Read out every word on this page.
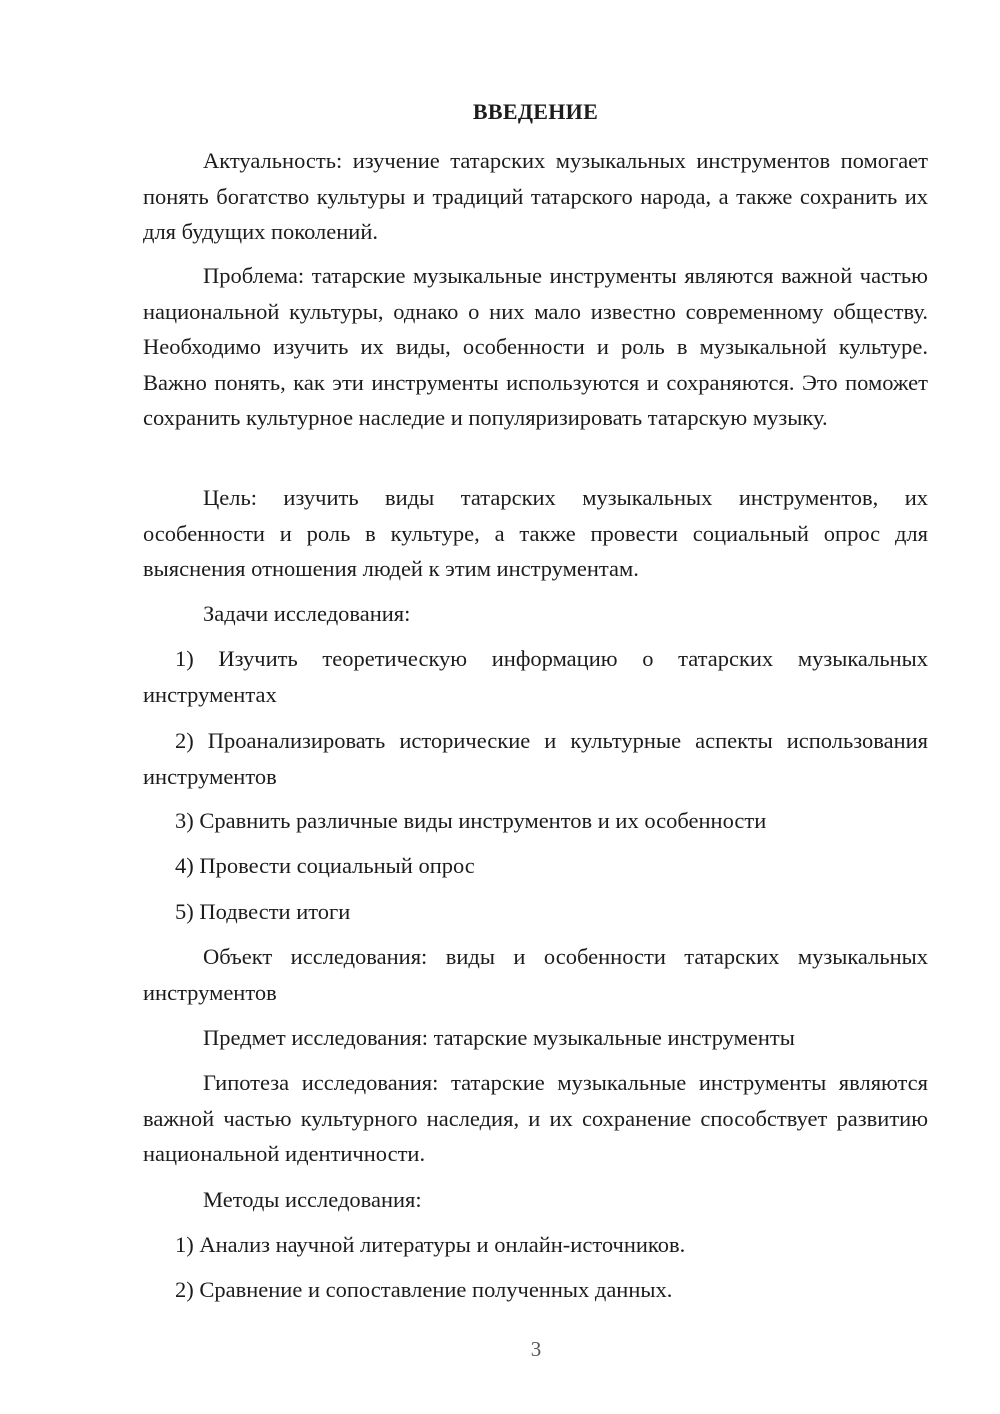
ВВЕДЕНИЕ

Актуальность: изучение татарских музыкальных инструментов помогает понять богатство культуры и традиций татарского народа, а также сохранить их для будущих поколений.

Проблема: татарские музыкальные инструменты являются важной частью национальной культуры, однако о них мало известно современному обществу. Необходимо изучить их виды, особенности и роль в музыкальной культуре. Важно понять, как эти инструменты используются и сохраняются. Это поможет сохранить культурное наследие и популяризировать татарскую музыку.

Цель: изучить виды татарских музыкальных инструментов, их особенности и роль в культуре, а также провести социальный опрос для выяснения отношения людей к этим инструментам.

Задачи исследования:

1) Изучить теоретическую информацию о татарских музыкальных инструментах

2) Проанализировать исторические и культурные аспекты использования инструментов

3) Сравнить различные виды инструментов и их особенности

4) Провести социальный опрос

5) Подвести итоги

Объект исследования: виды и особенности татарских музыкальных инструментов

Предмет исследования: татарские музыкальные инструменты

Гипотеза исследования: татарские музыкальные инструменты являются важной частью культурного наследия, и их сохранение способствует развитию национальной идентичности.

Методы исследования:

1) Анализ научной литературы и онлайн-источников.

2) Сравнение и сопоставление полученных данных.

3
